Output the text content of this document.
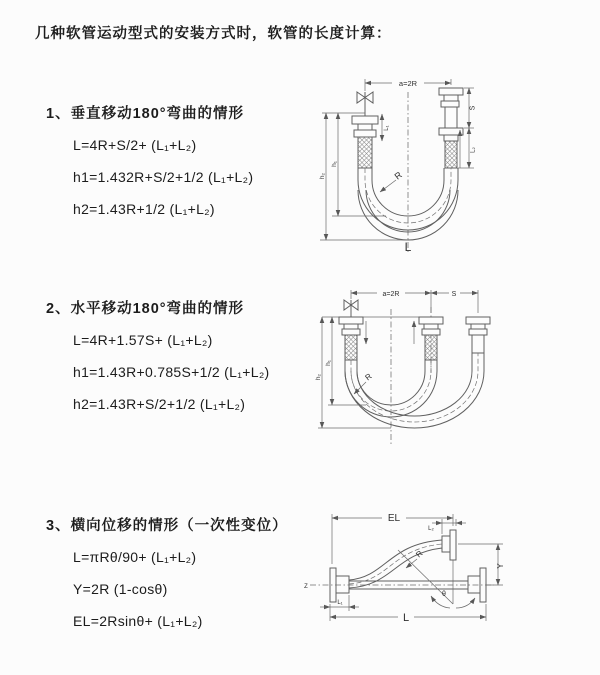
几种软管运动型式的安装方式时，软管的长度计算：
1、垂直移动180°弯曲的情形

L=4R+S/2+ (L₁+L₂)

h1=1.432R+S/2+1/2 (L₁+L₂)

h2=1.43R+1/2 (L₁+L₂)

2、水平移动180°弯曲的情形

L=4R+1.57S+ (L₁+L₂)

h1=1.43R+0.785S+1/2 (L₁+L₂)

h2=1.43R+S/2+1/2 (L₁+L₂)

3、横向位移的情形（一次性变位）

L=πRθ/90+ (L₁+L₂)

Y=2R (1-cosθ)

EL=2Rsinθ+ (L₁+L₂)

a=2R
h₁
h₂
L₁
S
L₂
R
L
a=2R	S
h₁
h₂	R
EL
L₂
Y
Z
θ
R
L₁
L
